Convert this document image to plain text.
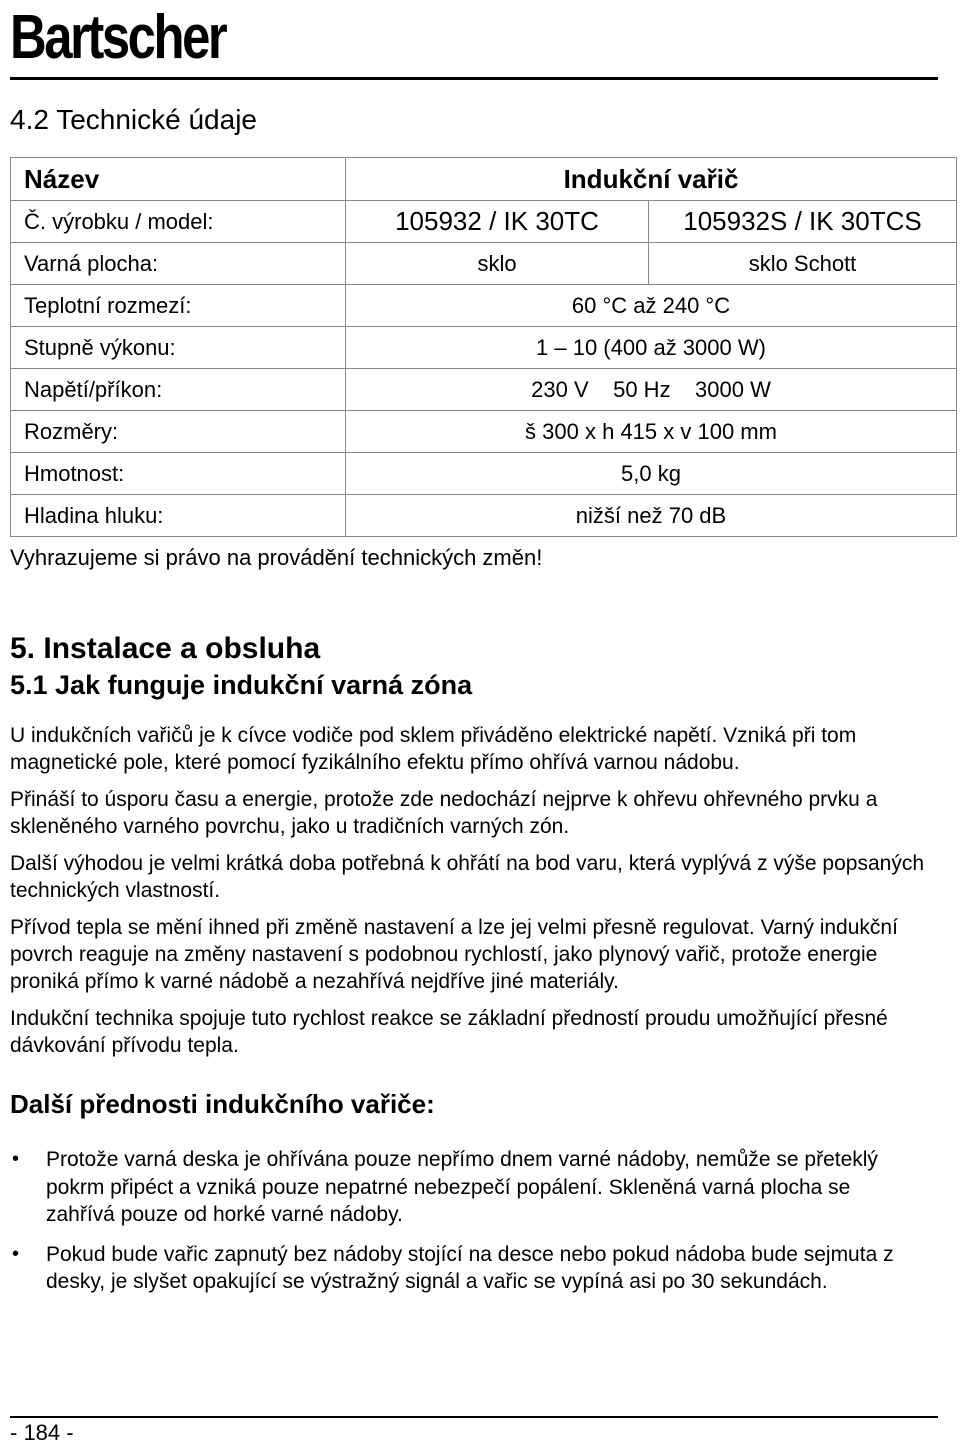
Bartscher
4.2 Technické údaje
Název	Indukční vařič	
Č. výrobku / model:	105932 / IK 30TC	105932S / IK 30TCS
Varná plocha:	sklo	sklo Schott
Teplotní rozmezí:	60 °C až 240 °C	
Stupně výkonu:	1 – 10 (400 až 3000 W)	
Napětí/příkon:	230 V    50 Hz    3000 W	
Rozměry:	š 300 x h 415 x v 100 mm	
Hmotnost:	5,0 kg	
Hladina hluku:	nižší než 70 dB	
Vyhrazujeme si právo na provádění technických změn!
5. Instalace a obsluha
5.1 Jak funguje indukční varná zóna

U indukčních vařičů je k cívce vodiče pod sklem přiváděno elektrické napětí. Vzniká při tom magnetické pole, které pomocí fyzikálního efektu přímo ohřívá varnou nádobu.

Přináší to úsporu času a energie, protože zde nedochází nejprve k ohřevu ohřevného prvku a skleněného varného povrchu, jako u tradičních varných zón.

Další výhodou je velmi krátká doba potřebná k ohřátí na bod varu, která vyplývá z výše popsaných technických vlastností.

Přívod tepla se mění ihned při změně nastavení a lze jej velmi přesně regulovat. Varný indukční povrch reaguje na změny nastavení s podobnou rychlostí, jako plynový vařič, protože energie proniká přímo k varné nádobě a nezahřívá nejdříve jiné materiály.

Indukční technika spojuje tuto rychlost reakce se základní předností proudu umožňující přesné dávkování přívodu tepla.

Další přednosti indukčního vařiče:
• Protože varná deska je ohřívána pouze nepřímo dnem varné nádoby, nemůže se přeteklý pokrm připéct a vzniká pouze nepatrné nebezpečí popálení. Skleněná varná plocha se zahřívá pouze od horké varné nádoby.
• Pokud bude vařic zapnutý bez nádoby stojící na desce nebo pokud nádoba bude sejmuta z desky, je slyšet opakující se výstražný signál a vařic se vypíná asi po 30 sekundách.
- 184 -
